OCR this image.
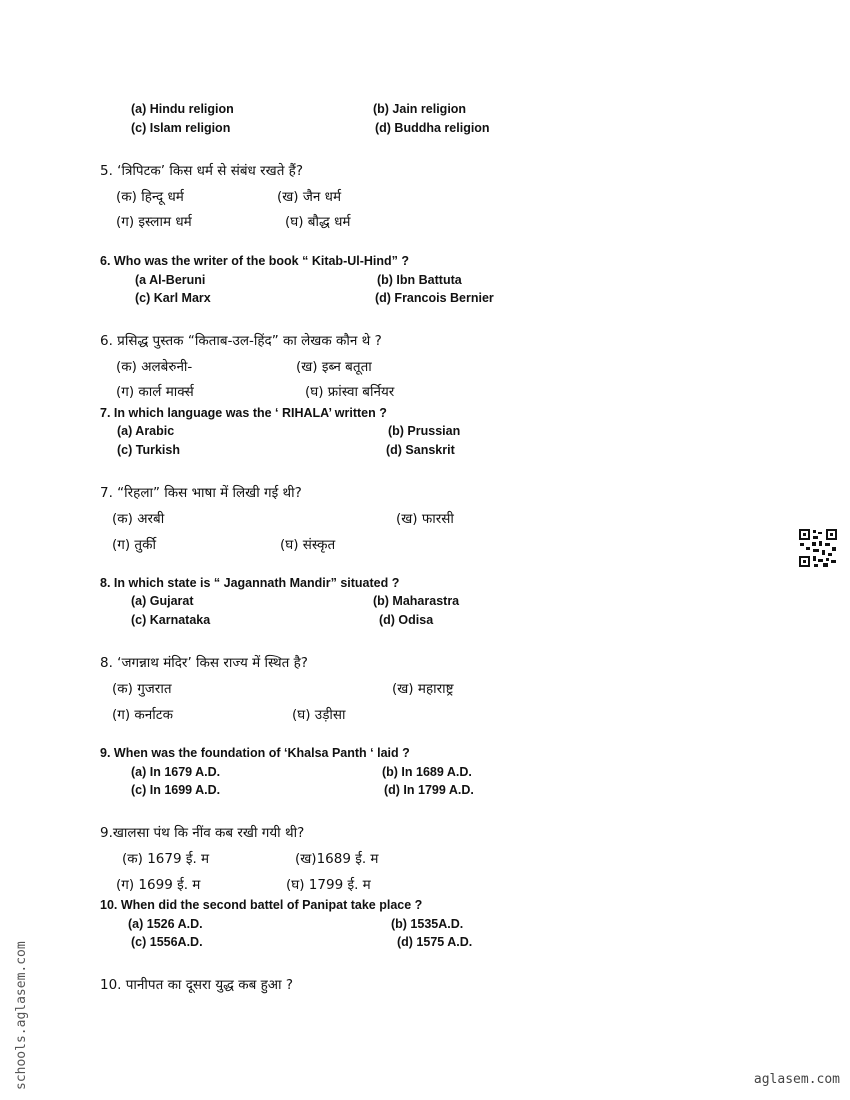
(a) Hindu religion	(b) Jain religion
(c) Islam religion	(d) Buddha religion
5. ‘त्रिपिटक’ किस धर्म से संबंध रखते हैं?
(क) हिन्दू धर्म	(ख) जैन धर्म
(ग) इस्लाम धर्म	(घ) बौद्ध धर्म
6. Who was the writer of the book “ Kitab-Ul-Hind” ?
(a Al-Beruni	(b) Ibn Battuta
(c) Karl Marx	(d) Francois Bernier
6. प्रसिद्ध पुस्तक “किताब-उल-हिंद” का लेखक कौन थे ?
(क) अलबेरुनी-	(ख) इब्न बतूता
(ग) कार्ल मार्क्स	(घ) फ्रांस्वा बर्नियर
7. In which language was the ‘ RIHALA’ written ?
(a) Arabic	(b) Prussian
(c) Turkish	(d) Sanskrit
7. “रिहला” किस भाषा में लिखी गई थी?
(क) अरबी	(ख) फारसी
(ग) तुर्की	(घ) संस्कृत
8. In which state is “ Jagannath Mandir” situated ?
(a) Gujarat	(b) Maharastra
(c) Karnataka	(d) Odisa
8. ‘जगन्नाथ मंदिर’ किस राज्य में स्थित है?
(क) गुजरात	(ख) महाराष्ट्र
(ग) कर्नाटक	(घ) उड़ीसा
9. When was the foundation of ‘Khalsa Panth ‘ laid ?
(a) In 1679 A.D.	(b) In 1689 A.D.
(c) In 1699 A.D.	(d) In 1799 A.D.
9.खालसा पंथ कि नींव कब रखी गयी थी?
(क) 1679 ई. म	(ख)1689 ई. म
(ग) 1699 ई. म	(घ) 1799 ई. म
10. When did the second battel of Panipat take place ?
(a) 1526 A.D.	(b) 1535A.D.
(c) 1556A.D.	(d) 1575 A.D.
10. पानीपत का दूसरा युद्ध कब हुआ ?
schools.aglasem.com	aglasem.com
